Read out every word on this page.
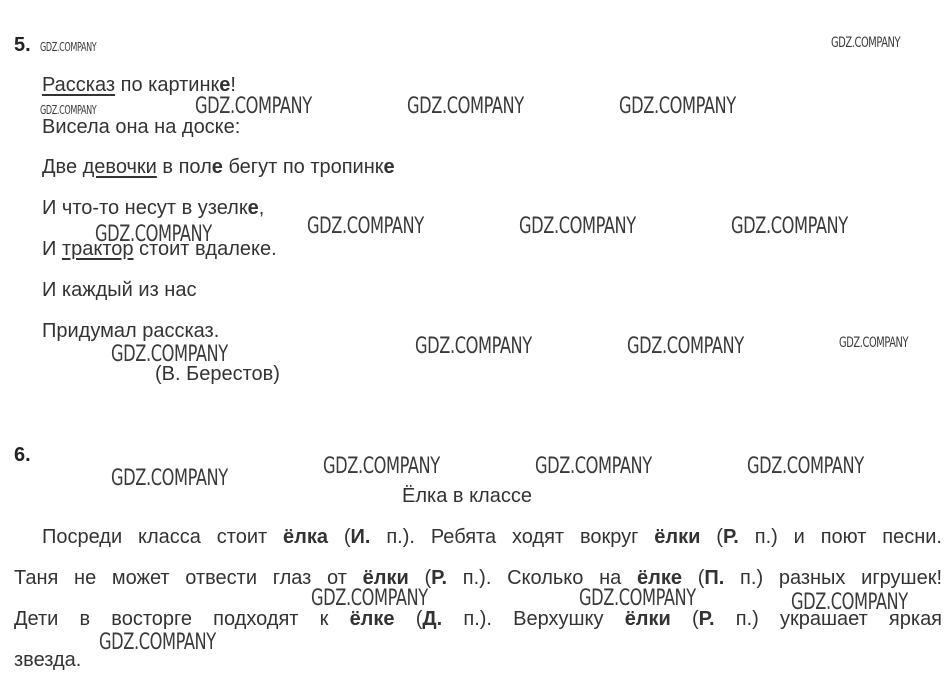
5.
Рассказ по картинке!
Висела она на доске:
Две девочки в поле бегут по тропинке
И что-то несут в узелке,
И трактор стоит вдалеке.
И каждый из нас
Придумал рассказ.
(В. Берестов)
6.
Ёлка в классе
Посреди класса стоит ёлка (И. п.). Ребята ходят вокруг ёлки (Р. п.) и поют песни.
Таня не может отвести глаз от ёлки (Р. п.). Сколько на ёлке (П. п.) разных игрушек!
Дети в восторге подходят к ёлке (Д. п.). Верхушку ёлки (Р. п.) украшает яркая
звезда.
GDZ.COMPANY	GDZ.COMPANY
GDZ.COMPANY	GDZ.COMPANY	GDZ.COMPANY	GDZ.COMPANY
GDZ.COMPANY	GDZ.COMPANY	GDZ.COMPANY	GDZ.COMPANY
GDZ.COMPANY	GDZ.COMPANY	GDZ.COMPANY	GDZ.COMPANY
GDZ.COMPANY	GDZ.COMPANY	GDZ.COMPANY	GDZ.COMPANY
GDZ.COMPANY	GDZ.COMPANY	GDZ.COMPANY
GDZ.COMPANY
